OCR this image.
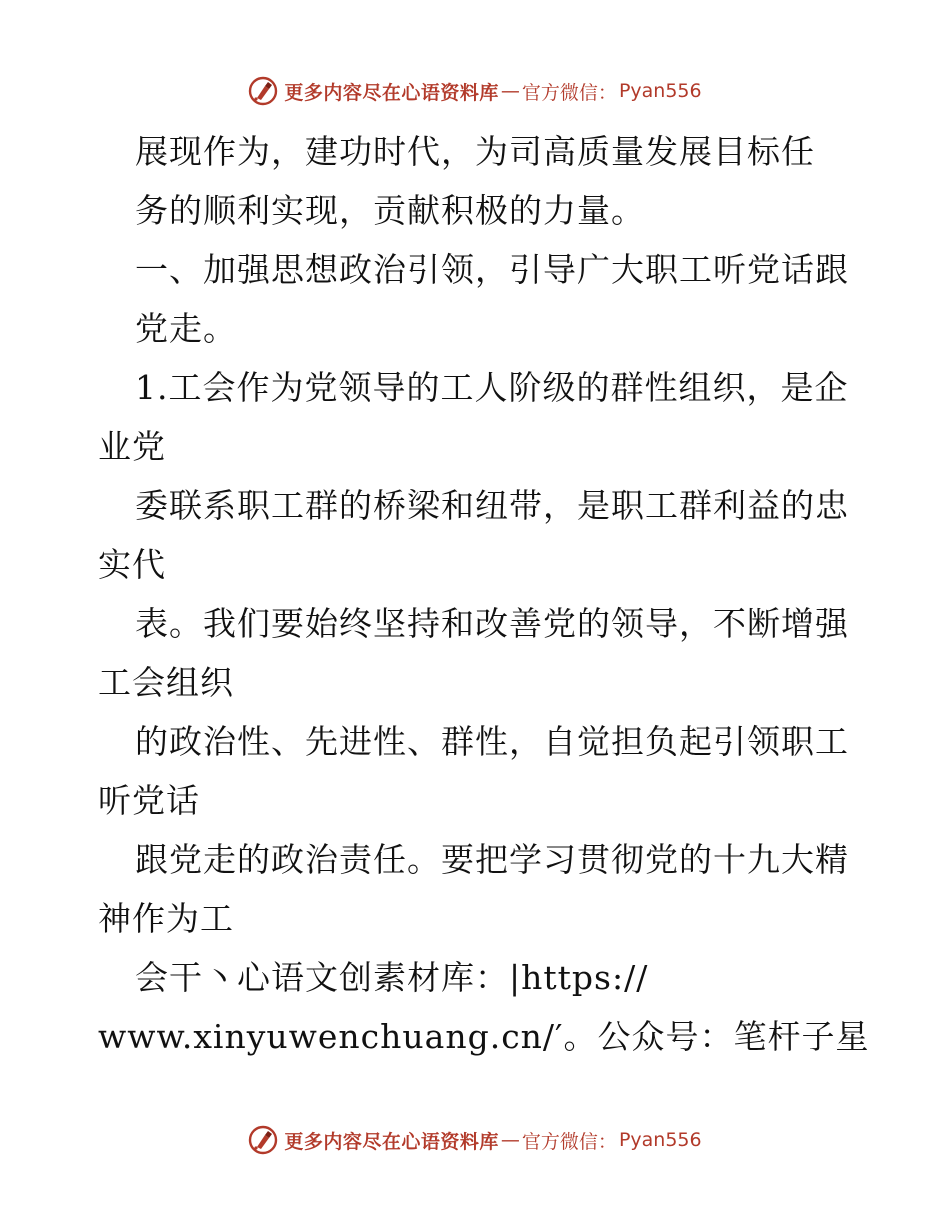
更多内容尽在心语资料库 — 官方微信： Pyan556
展现作为，建功时代，为司高质量发展目标任
务的顺利实现，贡献积极的力量。
一、加强思想政治引领，引导广大职工听党话跟
党走。
1.工会作为党领导的工人阶级的群性组织，是企
业党
委联系职工群的桥梁和纽带，是职工群利益的忠
实代
表。我们要始终坚持和改善党的领导，不断增强
工会组织
的政治性、先进性、群性，自觉担负起引领职工
听党话
跟党走的政治责任。要把学习贯彻党的十九大精
神作为工
会干丶心语文创素材库：|https://
www.xinyuwenchuang.cn/′。公众号：笔杆子星
更多内容尽在心语资料库 — 官方微信： Pyan556
